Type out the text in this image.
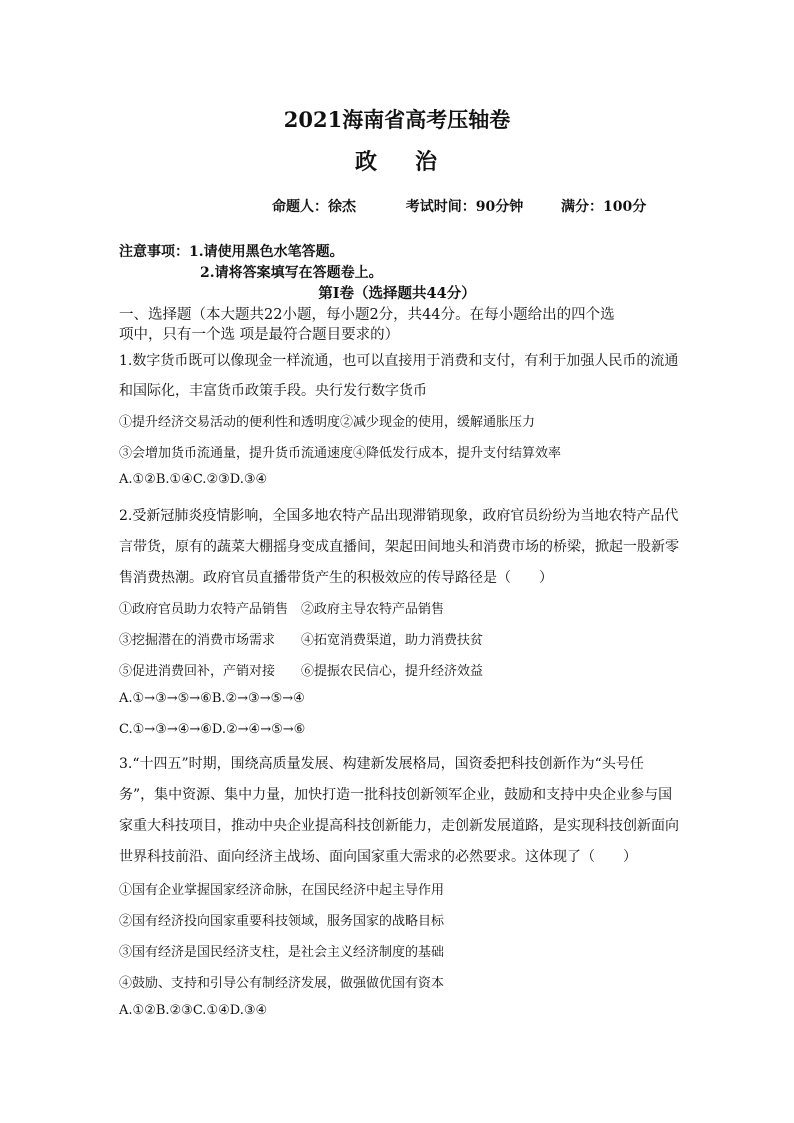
2021海南省高考压轴卷
政 治
命题人：徐杰	考试时间：90分钟	满分：100分
注意事项：1.请使用黑色水笔答题。
2.请将答案填写在答题卷上。
第Ⅰ卷（选择题共44分）
一、选择题（本大题共22小题，每小题2分，共44分。在每小题给出的四个选
项中，只有一个选 项是最符合题目要求的）
1.数字货币既可以像现金一样流通，也可以直接用于消费和支付，有利于加强人民币的流通
和国际化，丰富货币政策手段。央行发行数字货币
①提升经济交易活动的便利性和透明度②减少现金的使用，缓解通胀压力
③会增加货币流通量，提升货币流通速度④降低发行成本，提升支付结算效率
A.①②B.①④C.②③D.③④
2.受新冠肺炎疫情影响，全国多地农特产品出现滞销现象，政府官员纷纷为当地农特产品代
言带货，原有的蔬菜大棚摇身变成直播间，架起田间地头和消费市场的桥梁，掀起一股新零
售消费热潮。政府官员直播带货产生的积极效应的传导路径是（　　）
①政府官员助力农特产品销售　②政府主导农特产品销售
③挖掘潜在的消费市场需求　　④拓宽消费渠道，助力消费扶贫
⑤促进消费回补，产销对接　　⑥提振农民信心，提升经济效益
A.①→③→⑤→⑥B.②→③→⑤→④
C.①→③→④→⑥D.②→④→⑤→⑥
3.“十四五”时期，围绕高质量发展、构建新发展格局，国资委把科技创新作为“头号任
务”，集中资源、集中力量，加快打造一批科技创新领军企业，鼓励和支持中央企业参与国
家重大科技项目，推动中央企业提高科技创新能力，走创新发展道路，是实现科技创新面向
世界科技前沿、面向经济主战场、面向国家重大需求的必然要求。这体现了（　　）
①国有企业掌握国家经济命脉，在国民经济中起主导作用
②国有经济投向国家重要科技领域，服务国家的战略目标
③国有经济是国民经济支柱，是社会主义经济制度的基础
④鼓励、支持和引导公有制经济发展，做强做优国有资本
A.①②B.②③C.①④D.③④
